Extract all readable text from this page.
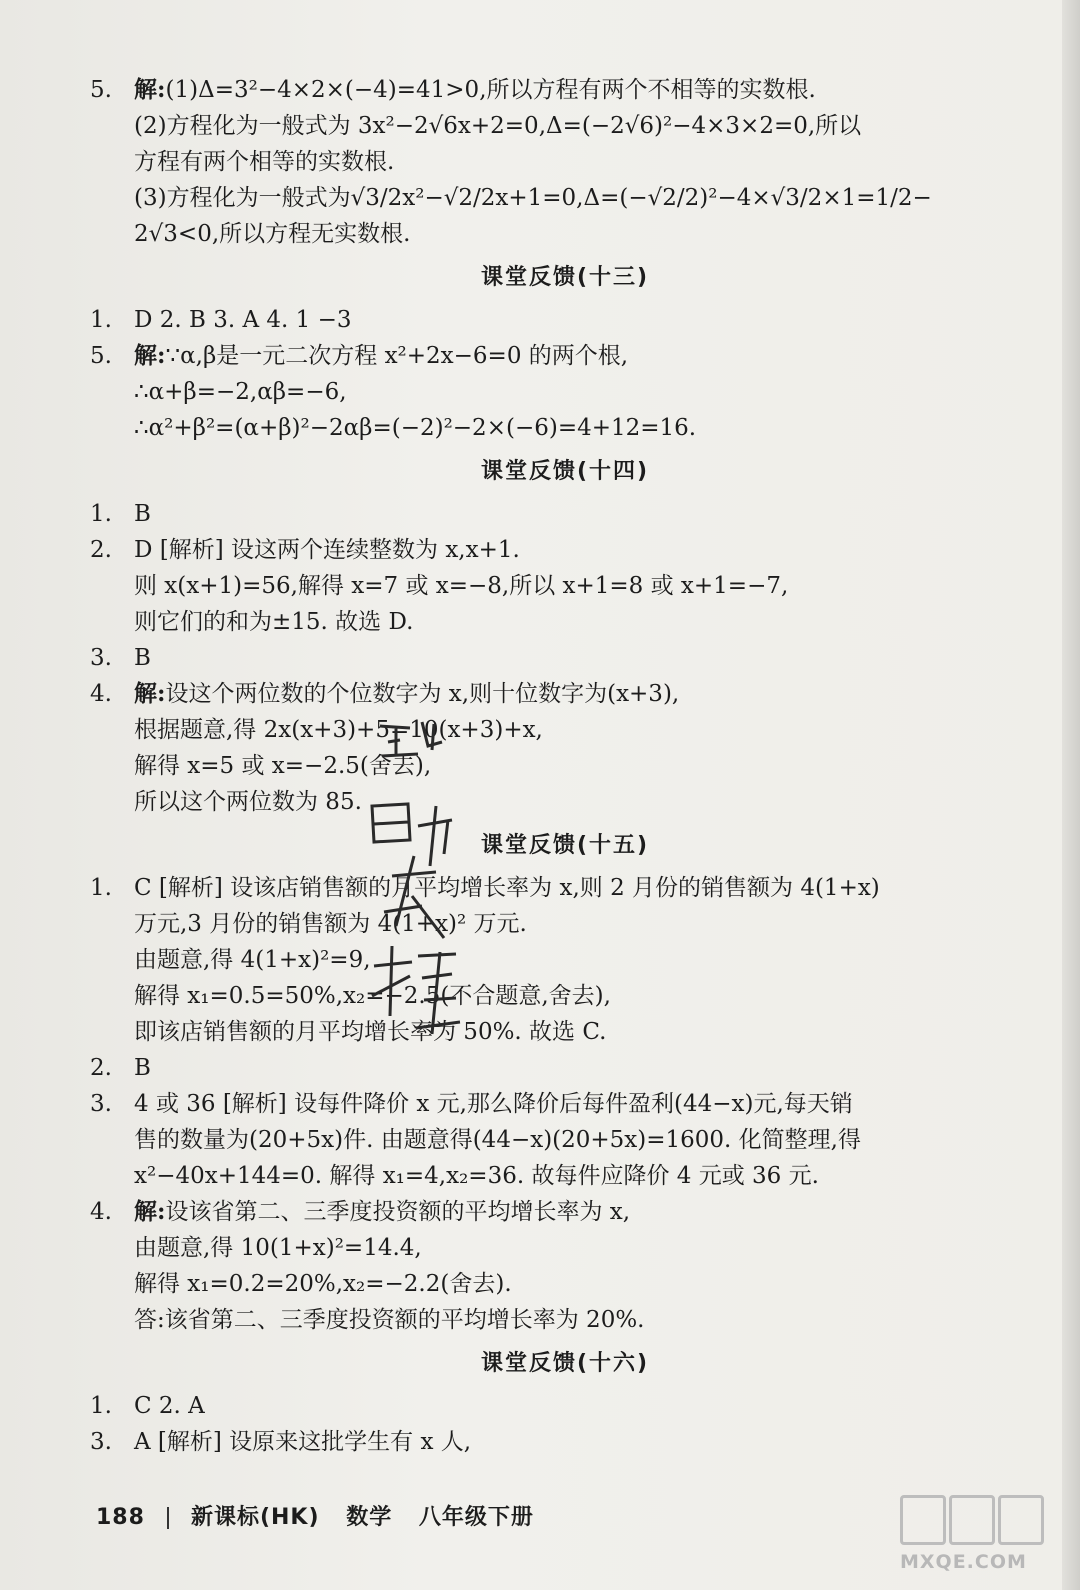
5. 解:(1)Δ=3²−4×2×(−4)=41>0,所以方程有两个不相等的实数根.
(2)方程化为一般式为 3x²−2√6x+2=0,Δ=(−2√6)²−4×3×2=0,所以
方程有两个相等的实数根.
(3)方程化为一般式为√3/2x²−√2/2x+1=0,Δ=(−√2/2)²−4×√3/2×1=1/2−
2√3<0,所以方程无实数根.
课堂反馈(十三)
1. D 2. B 3. A 4. 1 −3
5. 解:∵α,β是一元二次方程 x²+2x−6=0 的两个根,
∴α+β=−2,αβ=−6,
∴α²+β²=(α+β)²−2αβ=(−2)²−2×(−6)=4+12=16.
课堂反馈(十四)
1. B
2. D [解析] 设这两个连续整数为 x,x+1.
则 x(x+1)=56,解得 x=7 或 x=−8,所以 x+1=8 或 x+1=−7,
则它们的和为±15. 故选 D.
3. B
4. 解:设这个两位数的个位数字为 x,则十位数字为(x+3),
根据题意,得 2x(x+3)+5=10(x+3)+x,
解得 x=5 或 x=−2.5(舍去),
所以这个两位数为 85.
课堂反馈(十五)
1. C [解析] 设该店销售额的月平均增长率为 x,则 2 月份的销售额为 4(1+x)
万元,3 月份的销售额为 4(1+x)² 万元.
由题意,得 4(1+x)²=9,
解得 x₁=0.5=50%,x₂=−2.5(不合题意,舍去),
即该店销售额的月平均增长率为 50%. 故选 C.
2. B
3. 4 或 36 [解析] 设每件降价 x 元,那么降价后每件盈利(44−x)元,每天销
售的数量为(20+5x)件. 由题意得(44−x)(20+5x)=1600. 化简整理,得
x²−40x+144=0. 解得 x₁=4,x₂=36. 故每件应降价 4 元或 36 元.
4. 解:设该省第二、三季度投资额的平均增长率为 x,
由题意,得 10(1+x)²=14.4,
解得 x₁=0.2=20%,x₂=−2.2(舍去).
答:该省第二、三季度投资额的平均增长率为 20%.
课堂反馈(十六)
1. C 2. A
3. A [解析] 设原来这批学生有 x 人,
188 新课标(HK) 数学 八年级下册
MXQE.COM
